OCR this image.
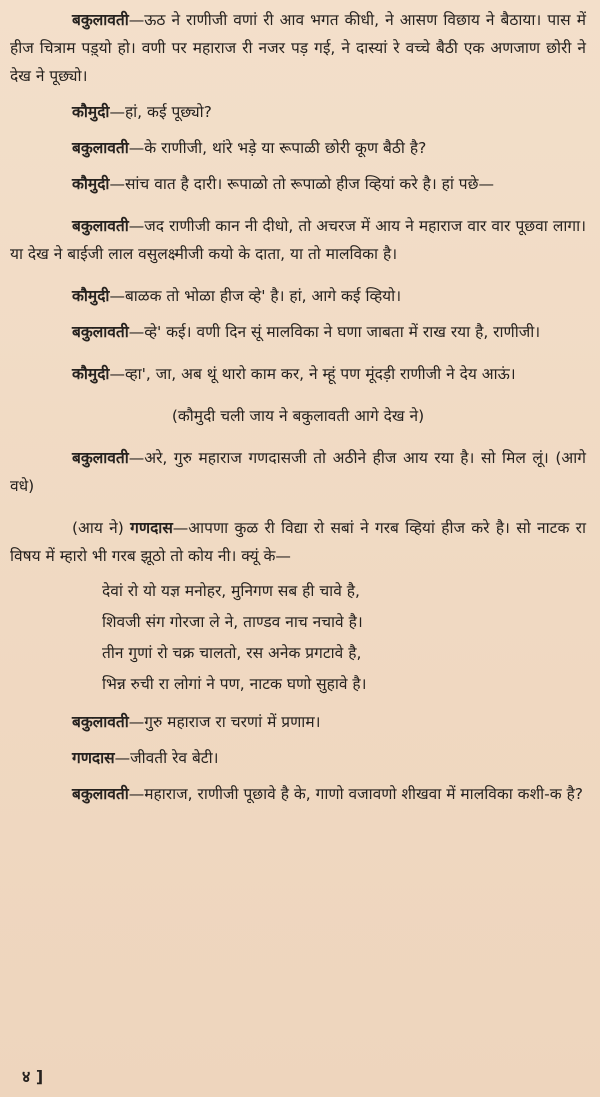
बकुलावती—ऊठ ने राणीजी वणां री आव भगत कीधी, ने आसण विछाय ने बैठाया। पास में हीज चित्राम पड़्यो हो। वणी पर महाराज री नजर पड़ गई, ने दास्यां रे वच्चे बैठी एक अणजाण छोरी ने देख ने पूछ्यो।

कौमुदी—हां, कई पूछ्यो?

बकुलावती—के राणीजी, थांरे भड़े या रूपाळी छोरी कूण बैठी है?

कौमुदी—सांच वात है दारी। रूपाळो तो रूपाळो हीज व्हियां करे है। हां पछे—

बकुलावती—जद राणीजी कान नी दीधो, तो अचरज में आय ने महाराज वार वार पूछवा लागा। या देख ने बाईजी लाल वसुलक्ष्मीजी कयो के दाता, या तो मालविका है।

कौमुदी—बाळक तो भोळा हीज व्हे' है। हां, आगे कई व्हियो।

बकुलावती—व्हे' कई। वणी दिन सूं मालविका ने घणा जाबता में राख रया है, राणीजी।

कौमुदी—व्हा', जा, अब थूं थारो काम कर, ने म्हूं पण मूंदड़ी राणीजी ने देय आऊं।

(कौमुदी चली जाय ने बकुलावती आगे देख ने)

बकुलावती—अरे, गुरु महाराज गणदासजी तो अठीने हीज आय रया है। सो मिल लूं। (आगे वधे)

(आय ने) गणदास—आपणा कुळ री विद्या रो सबां ने गरब व्हियां हीज करे है। सो नाटक रा विषय में म्हारो भी गरब झूठो तो कोय नी। क्यूं के—

देवां रो यो यज्ञ मनोहर, मुनिगण सब ही चावे है,
शिवजी संग गोरजा ले ने, ताण्डव नाच नचावे है।
तीन गुणां रो चक्र चालतो, रस अनेक प्रगटावे है,
भिन्न रुची रा लोगां ने पण, नाटक घणो सुहावे है।

बकुलावती—गुरु महाराज रा चरणां में प्रणाम।

गणदास—जीवती रेव बेटी।

बकुलावती—महाराज, राणीजी पूछावे है के, गाणो वजावणो शीखवा में मालविका कशी-क है?

४ ]
